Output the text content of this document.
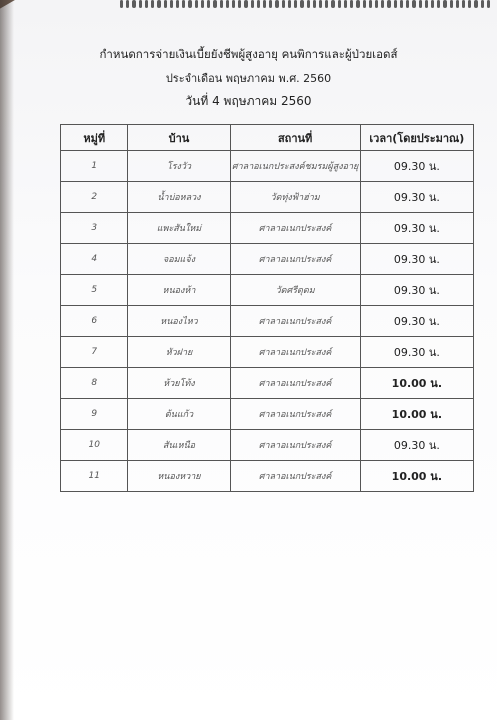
กำหนดการจ่ายเงินเบี้ยยังชีพผู้สูงอายุ คนพิการและผู้ป่วยเอดส์
ประจำเดือน พฤษภาคม พ.ศ. 2560
วันที่ 4 พฤษภาคม 2560
หมู่ที่	บ้าน	สถานที่	เวลา(โดยประมาณ)
1	โรงวัว	ศาลาอเนกประสงค์ชมรมผู้สูงอายุ	09.30 น.
2	น้ำบ่อหลวง	วัดทุ่งฟ้าฮ่าม	09.30 น.
3	แพะสันใหม่	ศาลาอเนกประสงค์	09.30 น.
4	จอมแจ้ง	ศาลาอเนกประสงค์	09.30 น.
5	หนองห้า	วัดศรีดุดม	09.30 น.
6	หนองไหว	ศาลาอเนกประสงค์	09.30 น.
7	หัวฝาย	ศาลาอเนกประสงค์	09.30 น.
8	ห้วยโท้ง	ศาลาอเนกประสงค์	10.00 น.
9	ต้นแก้ว	ศาลาอเนกประสงค์	10.00 น.
10	สันเหนือ	ศาลาอเนกประสงค์	09.30 น.
11	หนองหวาย	ศาลาอเนกประสงค์	10.00 น.
